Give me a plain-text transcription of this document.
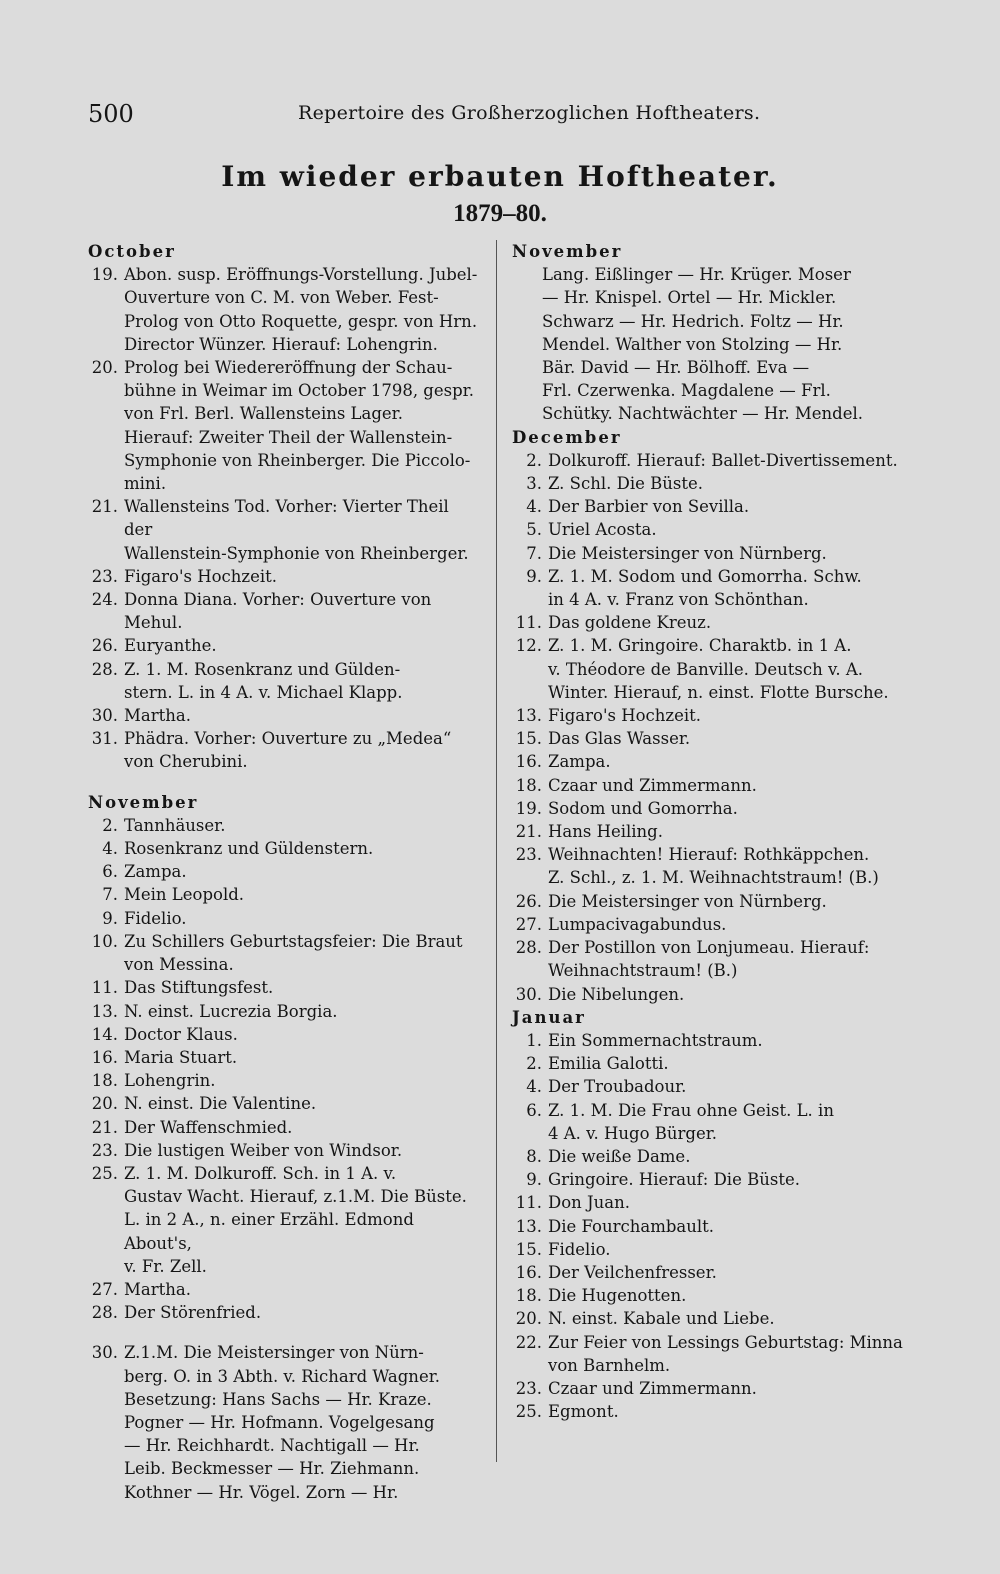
500	Repertoire des Großherzoglichen Hoftheaters.
Im wieder erbauten Hoftheater.
1879–80.
October
19. Abon. susp. Eröffnungs-Vorstellung. Jubel-
Ouverture von C. M. von Weber. Fest-
Prolog von Otto Roquette, gespr. von Hrn.
Director Wünzer. Hierauf: Lohengrin.
20. Prolog bei Wiedereröffnung der Schau-
bühne in Weimar im October 1798, gespr.
von Frl. Berl. Wallensteins Lager.
Hierauf: Zweiter Theil der Wallenstein-
Symphonie von Rheinberger. Die Piccolo-
mini.
21. Wallensteins Tod. Vorher: Vierter Theil der
Wallenstein-Symphonie von Rheinberger.
23. Figaro's Hochzeit.
24. Donna Diana. Vorher: Ouverture von
Mehul.
26. Euryanthe.
28. Z. 1. M. Rosenkranz und Gülden-
stern. L. in 4 A. v. Michael Klapp.
30. Martha.
31. Phädra. Vorher: Ouverture zu „Medea“
von Cherubini.
November
2. Tannhäuser.
4. Rosenkranz und Güldenstern.
6. Zampa.
7. Mein Leopold.
9. Fidelio.
10. Zu Schillers Geburtstagsfeier: Die Braut
von Messina.
11. Das Stiftungsfest.
13. N. einst. Lucrezia Borgia.
14. Doctor Klaus.
16. Maria Stuart.
18. Lohengrin.
20. N. einst. Die Valentine.
21. Der Waffenschmied.
23. Die lustigen Weiber von Windsor.
25. Z. 1. M. Dolkuroff. Sch. in 1 A. v.
Gustav Wacht. Hierauf, z.1.M. Die Büste.
L. in 2 A., n. einer Erzähl. Edmond About's,
v. Fr. Zell.
27. Martha.
28. Der Störenfried.
30. Z.1.M. Die Meistersinger von Nürn-
berg. O. in 3 Abth. v. Richard Wagner.
Besetzung: Hans Sachs — Hr. Kraze.
Pogner — Hr. Hofmann. Vogelgesang
— Hr. Reichhardt. Nachtigall — Hr.
Leib. Beckmesser — Hr. Ziehmann.
Kothner — Hr. Vögel. Zorn — Hr.
November
Lang. Eißlinger — Hr. Krüger. Moser
— Hr. Knispel. Ortel — Hr. Mickler.
Schwarz — Hr. Hedrich. Foltz — Hr.
Mendel. Walther von Stolzing — Hr.
Bär. David — Hr. Bölhoff. Eva —
Frl. Czerwenka. Magdalene — Frl.
Schütky. Nachtwächter — Hr. Mendel.
December
2. Dolkuroff. Hierauf: Ballet-Divertissement.
3. Z. Schl. Die Büste.
4. Der Barbier von Sevilla.
5. Uriel Acosta.
7. Die Meistersinger von Nürnberg.
9. Z. 1. M. Sodom und Gomorrha. Schw.
in 4 A. v. Franz von Schönthan.
11. Das goldene Kreuz.
12. Z. 1. M. Gringoire. Charaktb. in 1 A.
v. Théodore de Banville. Deutsch v. A.
Winter. Hierauf, n. einst. Flotte Bursche.
13. Figaro's Hochzeit.
15. Das Glas Wasser.
16. Zampa.
18. Czaar und Zimmermann.
19. Sodom und Gomorrha.
21. Hans Heiling.
23. Weihnachten! Hierauf: Rothkäppchen.
Z. Schl., z. 1. M. Weihnachtstraum! (B.)
26. Die Meistersinger von Nürnberg.
27. Lumpacivagabundus.
28. Der Postillon von Lonjumeau. Hierauf:
Weihnachtstraum! (B.)
30. Die Nibelungen.
Januar
1. Ein Sommernachtstraum.
2. Emilia Galotti.
4. Der Troubadour.
6. Z. 1. M. Die Frau ohne Geist. L. in
4 A. v. Hugo Bürger.
8. Die weiße Dame.
9. Gringoire. Hierauf: Die Büste.
11. Don Juan.
13. Die Fourchambault.
15. Fidelio.
16. Der Veilchenfresser.
18. Die Hugenotten.
20. N. einst. Kabale und Liebe.
22. Zur Feier von Lessings Geburtstag: Minna
von Barnhelm.
23. Czaar und Zimmermann.
25. Egmont.
